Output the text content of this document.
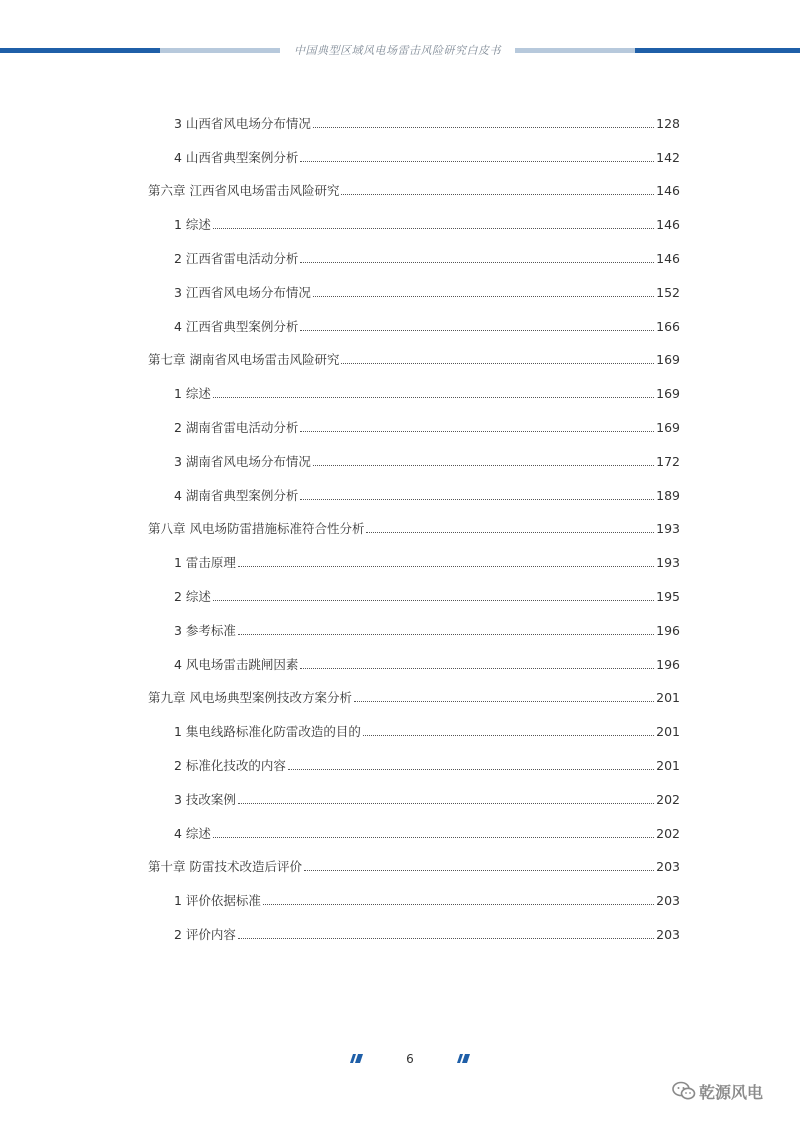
中国典型区域风电场雷击风险研究白皮书
3 山西省风电场分布情况	128
4 山西省典型案例分析	142
第六章 江西省风电场雷击风险研究	146
1 综述	146
2 江西省雷电活动分析	146
3 江西省风电场分布情况	152
4 江西省典型案例分析	166
第七章 湖南省风电场雷击风险研究	169
1 综述	169
2 湖南省雷电活动分析	169
3 湖南省风电场分布情况	172
4 湖南省典型案例分析	189
第八章 风电场防雷措施标准符合性分析	193
1 雷击原理	193
2 综述	195
3 参考标准	196
4 风电场雷击跳闸因素	196
第九章 风电场典型案例技改方案分析	201
1 集电线路标准化防雷改造的目的	201
2 标准化技改的内容	201
3 技改案例	202
4 综述	202
第十章 防雷技术改造后评价	203
1 评价依据标准	203
2 评价内容	203
6
乾源风电
